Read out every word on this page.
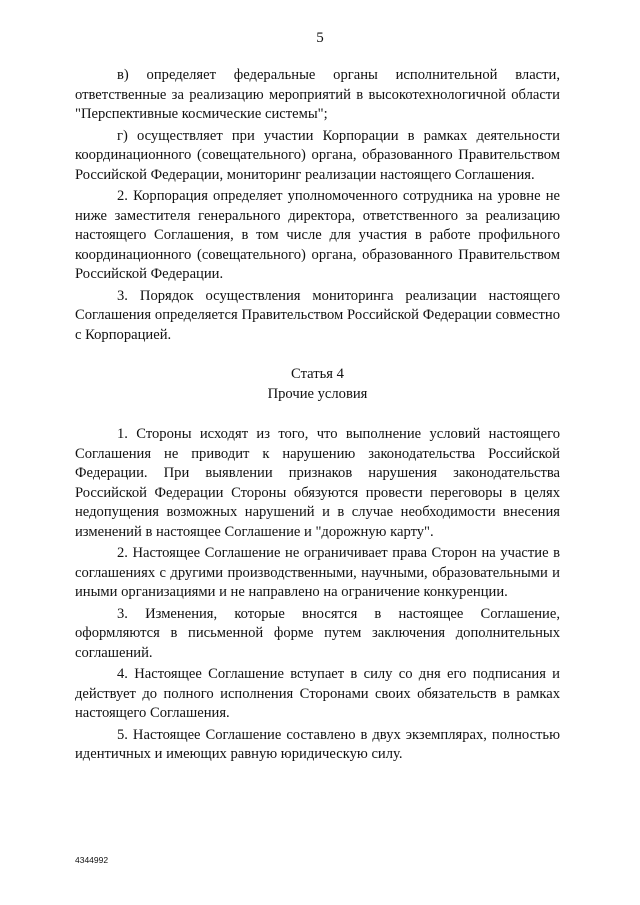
5

в) определяет федеральные органы исполнительной власти, ответственные за реализацию мероприятий в высокотехнологичной области "Перспективные космические системы";

г) осуществляет при участии Корпорации в рамках деятельности координационного (совещательного) органа, образованного Правительством Российской Федерации, мониторинг реализации настоящего Соглашения.

2. Корпорация определяет уполномоченного сотрудника на уровне не ниже заместителя генерального директора, ответственного за реализацию настоящего Соглашения, в том числе для участия в работе профильного координационного (совещательного) органа, образованного Правительством Российской Федерации.

3. Порядок осуществления мониторинга реализации настоящего Соглашения определяется Правительством Российской Федерации совместно с Корпорацией.

Статья 4
Прочие условия

1. Стороны исходят из того, что выполнение условий настоящего Соглашения не приводит к нарушению законодательства Российской Федерации. При выявлении признаков нарушения законодательства Российской Федерации Стороны обязуются провести переговоры в целях недопущения возможных нарушений и в случае необходимости внесения изменений в настоящее Соглашение и "дорожную карту".

2. Настоящее Соглашение не ограничивает права Сторон на участие в соглашениях с другими производственными, научными, образовательными и иными организациями и не направлено на ограничение конкуренции.

3. Изменения, которые вносятся в настоящее Соглашение, оформляются в письменной форме путем заключения дополнительных соглашений.

4. Настоящее Соглашение вступает в силу со дня его подписания и действует до полного исполнения Сторонами своих обязательств в рамках настоящего Соглашения.

5. Настоящее Соглашение составлено в двух экземплярах, полностью идентичных и имеющих равную юридическую силу.

4344992
